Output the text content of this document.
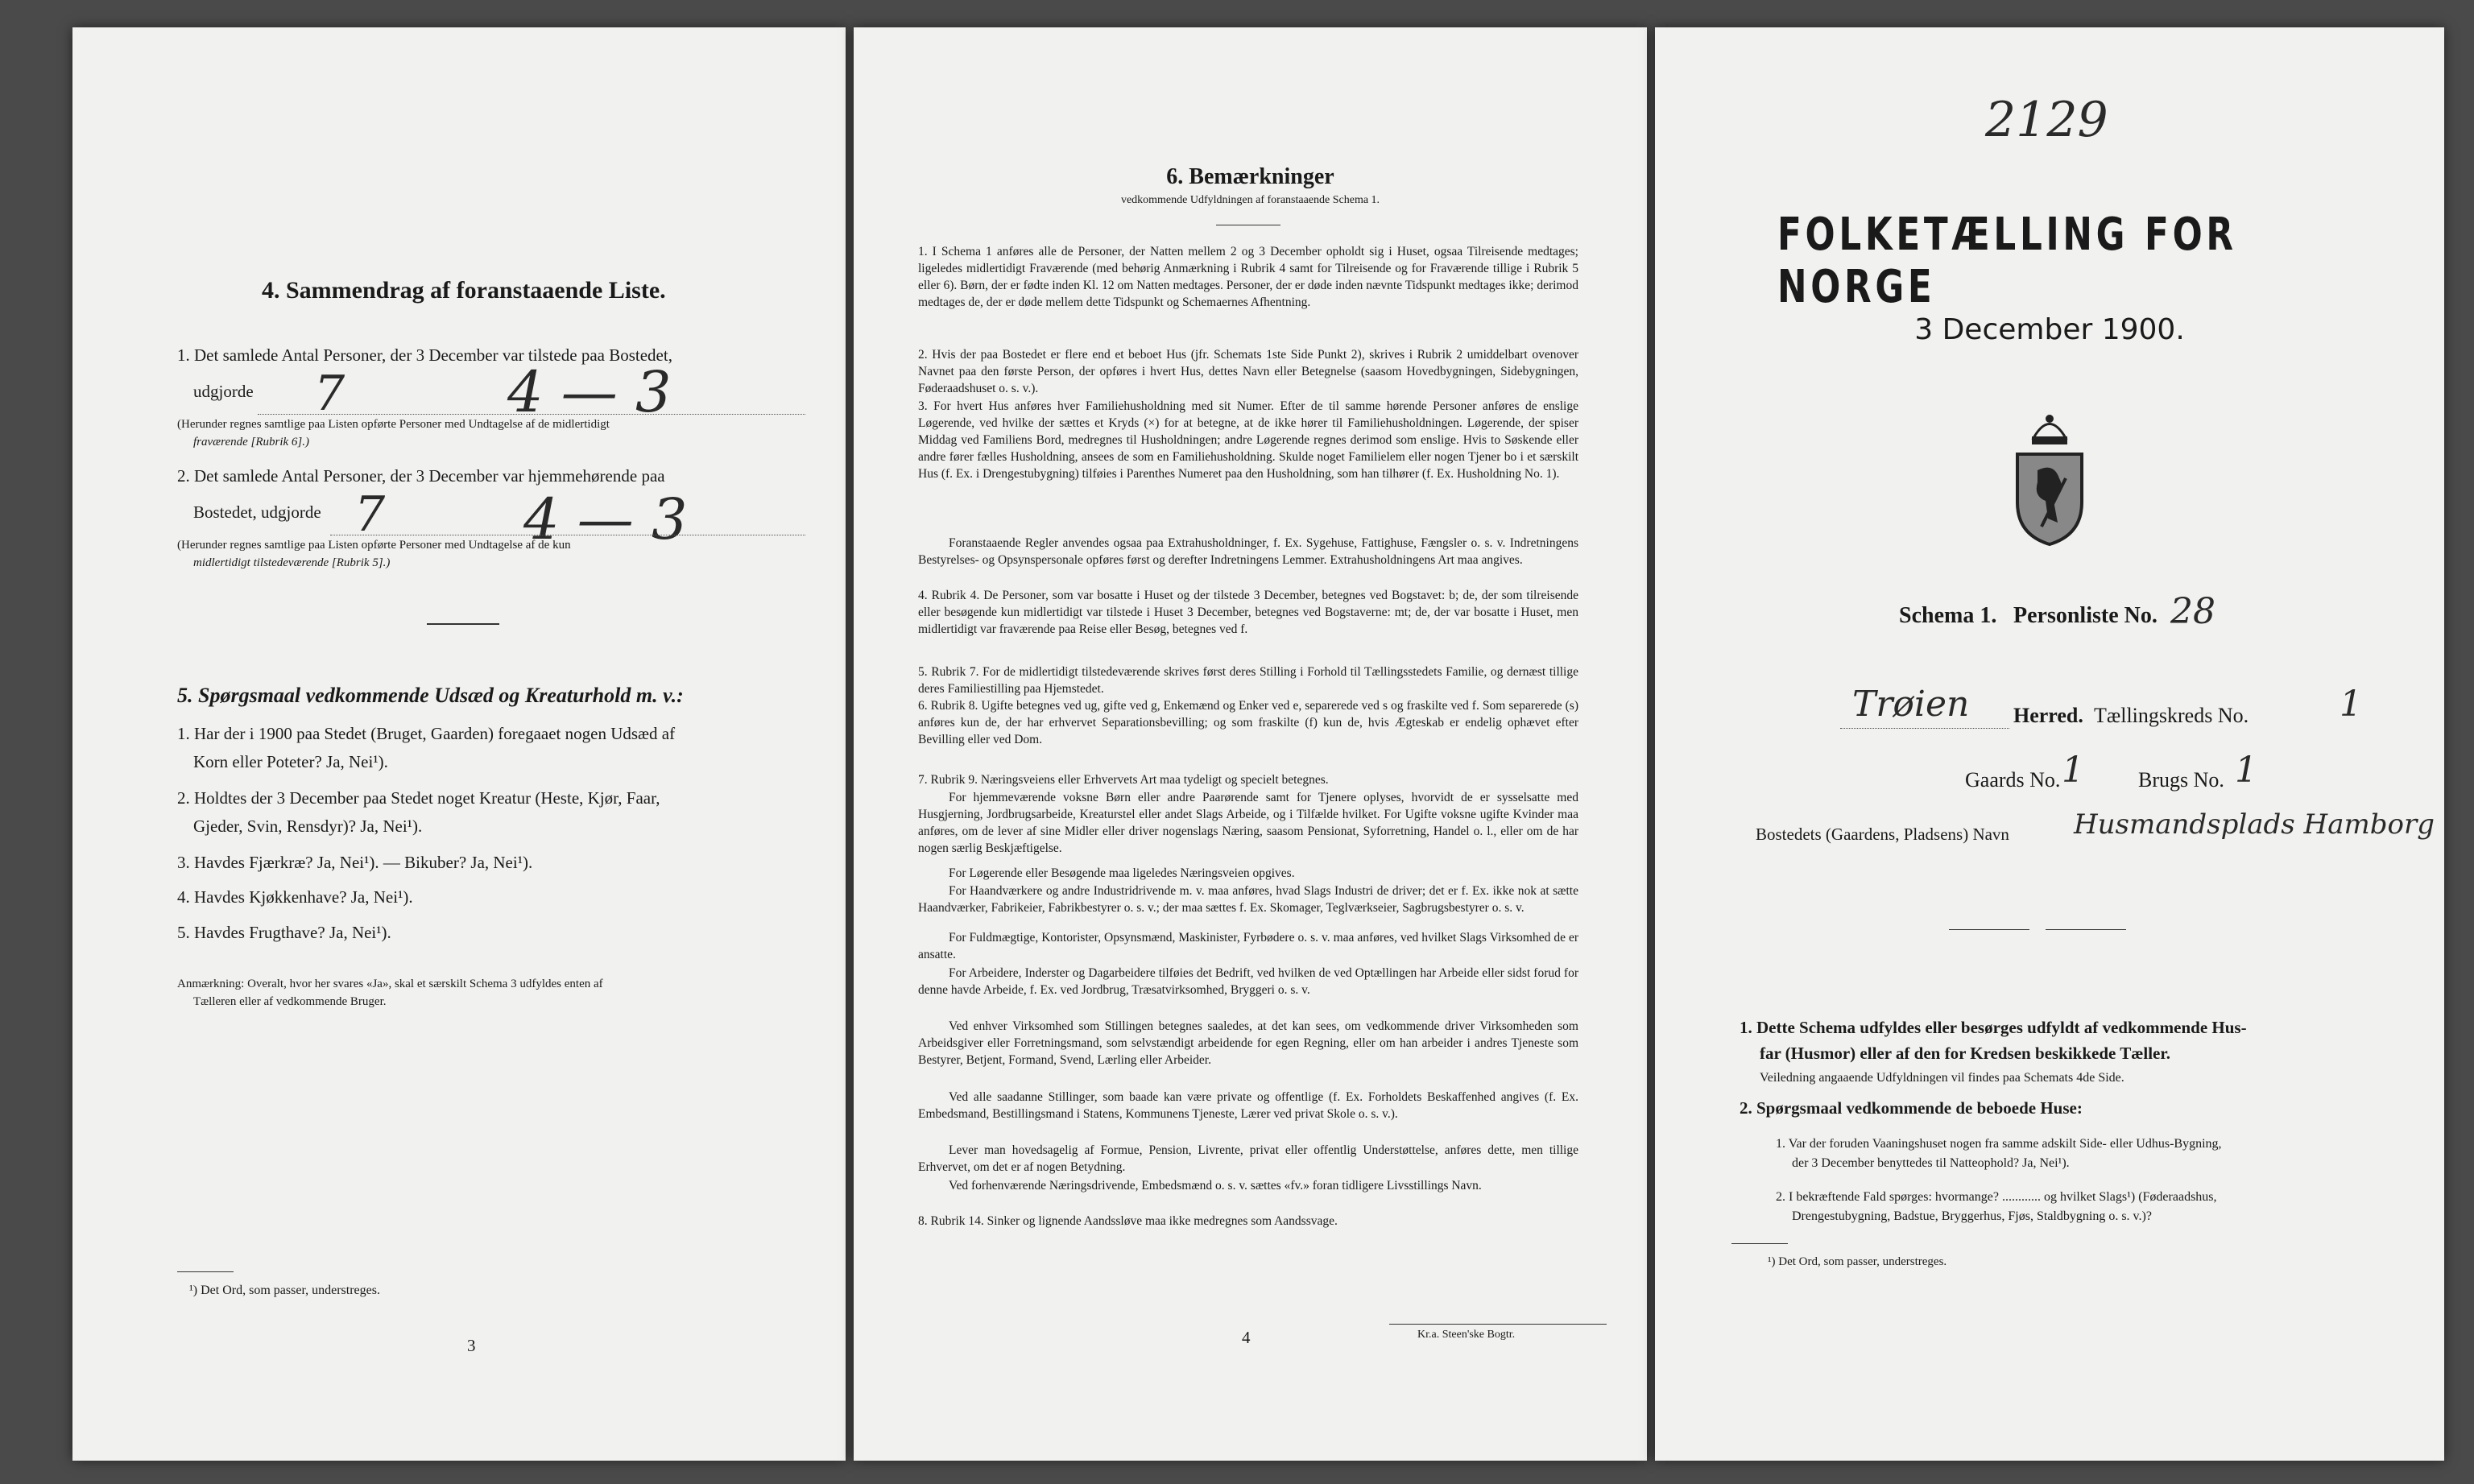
4. Sammendrag af foranstaaende Liste.
1. Det samlede Antal Personer, der 3 December var tilstede paa Bostedet,
udgjorde 7	4 — 3
(Herunder regnes samtlige paa Listen opførte Personer med Undtagelse af de midlertidigt
fraværende [Rubrik 6].)
2. Det samlede Antal Personer, der 3 December var hjemmehørende paa
Bostedet, udgjorde 7 4 — 3
(Herunder regnes samtlige paa Listen opførte Personer med Undtagelse af de kun
midlertidigt tilstedeværende [Rubrik 5].)
5. Spørgsmaal vedkommende Udsæd og Kreaturhold m. v.:
1. Har der i 1900 paa Stedet (Bruget, Gaarden) foregaaet nogen Udsæd af
Korn eller Poteter? Ja, Nei¹).
2. Holdtes der 3 December paa Stedet noget Kreatur (Heste, Kjør, Faar,
Gjeder, Svin, Rensdyr)? Ja, Nei¹).
3. Havdes Fjærkræ? Ja, Nei¹). — Bikuber? Ja, Nei¹).
4. Havdes Kjøkkenhave? Ja, Nei¹).
5. Havdes Frugthave? Ja, Nei¹).
Anmærkning: Overalt, hvor her svares «Ja», skal et særskilt Schema 3 udfyldes enten af
Tælleren eller af vedkommende Bruger.
¹) Det Ord, som passer, understreges.
3
6. Bemærkninger
vedkommende Udfyldningen af foranstaaende Schema 1.
1. I Schema 1 anføres alle de Personer, der Natten mellem 2 og 3 December opholdt sig i Huset, ogsaa Tilreisende medtages; ligeledes midlertidigt Fraværende (med behørig Anmærkning i Rubrik 4 samt for Tilreisende og for Fraværende tillige i Rubrik 5 eller 6). Børn, der er fødte inden Kl. 12 om Natten medtages. Personer, der er døde inden nævnte Tidspunkt medtages ikke; derimod medtages de, der er døde mellem dette Tidspunkt og Schemaernes Afhentning.
2. Hvis der paa Bostedet er flere end et beboet Hus (jfr. Schemats 1ste Side Punkt 2), skrives i Rubrik 2 umiddelbart ovenover Navnet paa den første Person, der opføres i hvert Hus, dettes Navn eller Betegnelse (saasom Hovedbygningen, Sidebygningen, Føderaadshuset o. s. v.).
3. For hvert Hus anføres hver Familiehusholdning med sit Numer. Efter de til samme hørende Personer anføres de enslige Løgerende, ved hvilke der sættes et Kryds (×) for at betegne, at de ikke hører til Familiehusholdningen. Løgerende, der spiser Middag ved Familiens Bord, medregnes til Husholdningen; andre Løgerende regnes derimod som enslige. Hvis to Søskende eller andre fører fælles Husholdning, ansees de som en Familiehusholdning. Skulde noget Familielem eller nogen Tjener bo i et særskilt Hus (f. Ex. i Drengestubygning) tilføies i Parenthes Numeret paa den Husholdning, som han tilhører (f. Ex. Husholdning No. 1).
Foranstaaende Regler anvendes ogsaa paa Extrahusholdninger, f. Ex. Sygehuse, Fattighuse, Fængsler o. s. v. Indretningens Bestyrelses- og Opsynspersonale opføres først og derefter Indretningens Lemmer. Extrahusholdningens Art maa angives.
4. Rubrik 4. De Personer, som var bosatte i Huset og der tilstede 3 December, betegnes ved Bogstavet: b; de, der som tilreisende eller besøgende kun midlertidigt var tilstede i Huset 3 December, betegnes ved Bogstaverne: mt; de, der var bosatte i Huset, men midlertidigt var fraværende paa Reise eller Besøg, betegnes ved f.
5. Rubrik 7. For de midlertidigt tilstedeværende skrives først deres Stilling i Forhold til Tællingsstedets Familie, og dernæst tillige deres Familiestilling paa Hjemstedet.
6. Rubrik 8. Ugifte betegnes ved ug, gifte ved g, Enkemænd og Enker ved e, separerede ved s og fraskilte ved f. Som separerede (s) anføres kun de, der har erhvervet Separationsbevilling; og som fraskilte (f) kun de, hvis Ægteskab er endelig ophævet efter Bevilling eller ved Dom.
7. Rubrik 9. Næringsveiens eller Erhvervets Art maa tydeligt og specielt betegnes.
For hjemmeværende voksne Børn eller andre Paarørende samt for Tjenere oplyses, hvorvidt de er sysselsatte med Husgjerning, Jordbrugsarbeide, Kreaturstel eller andet Slags Arbeide, og i Tilfælde hvilket. For Ugifte voksne ugifte Kvinder maa anføres, om de lever af sine Midler eller driver nogenslags Næring, saasom Pensionat, Syforretning, Handel o. l., eller om de har nogen særlig Beskjæftigelse.
For Løgerende eller Besøgende maa ligeledes Næringsveien opgives.
For Haandværkere og andre Industridrivende m. v. maa anføres, hvad Slags Industri de driver; det er f. Ex. ikke nok at sætte Haandværker, Fabrikeier, Fabrikbestyrer o. s. v.; der maa sættes f. Ex. Skomager, Teglværkseier, Sagbrugsbestyrer o. s. v.
For Fuldmægtige, Kontorister, Opsynsmænd, Maskinister, Fyrbødere o. s. v. maa anføres, ved hvilket Slags Virksomhed de er ansatte.
For Arbeidere, Inderster og Dagarbeidere tilføies det Bedrift, ved hvilken de ved Optællingen har Arbeide eller sidst forud for denne havde Arbeide, f. Ex. ved Jordbrug, Træsatvirksomhed, Bryggeri o. s. v.
Ved enhver Virksomhed som Stillingen betegnes saaledes, at det kan sees, om vedkommende driver Virksomheden som Arbeidsgiver eller Forretningsmand, som selvstændigt arbeidende for egen Regning, eller om han arbeider i andres Tjeneste som Bestyrer, Betjent, Formand, Svend, Lærling eller Arbeider.
Ved alle saadanne Stillinger, som baade kan være private og offentlige (f. Ex. Forholdets Beskaffenhed angives (f. Ex. Embedsmand, Bestillingsmand i Statens, Kommunens Tjeneste, Lærer ved privat Skole o. s. v.).
Lever man hovedsagelig af Formue, Pension, Livrente, privat eller offentlig Understøttelse, anføres dette, men tillige Erhvervet, om det er af nogen Betydning.
Ved forhenværende Næringsdrivende, Embedsmænd o. s. v. sættes «fv.» foran tidligere Livsstillings Navn.
8. Rubrik 14. Sinker og lignende Aandssløve maa ikke medregnes som Aandssvage.
4	Kr.a. Steen'ske Bogtr.
2129
FOLKETÆLLING FOR NORGE
3 December 1900.
Schema 1. Personliste No. 28
Trøien Herred. Tællingskreds No.	1
Gaards No. 1	Brugs No. 1
Bostedets (Gaardens, Pladsens) Navn Husmandsplads Hamborg
1. Dette Schema udfyldes eller besørges udfyldt af vedkommende Hus-
far (Husmor) eller af den for Kredsen beskikkede Tæller.
Veiledning angaaende Udfyldningen vil findes paa Schemats 4de Side.
2. Spørgsmaal vedkommende de beboede Huse:
1. Var der foruden Vaaningshuset nogen fra samme adskilt Side- eller Udhus-Bygning,
der 3 December benyttedes til Natteophold? Ja, Nei¹).
2. I bekræftende Fald spørges: hvormange? ............ og hvilket Slags¹) (Føderaadshus,
Drengestubygning, Badstue, Bryggerhus, Fjøs, Staldbygning o. s. v.)?
¹) Det Ord, som passer, understreges.
